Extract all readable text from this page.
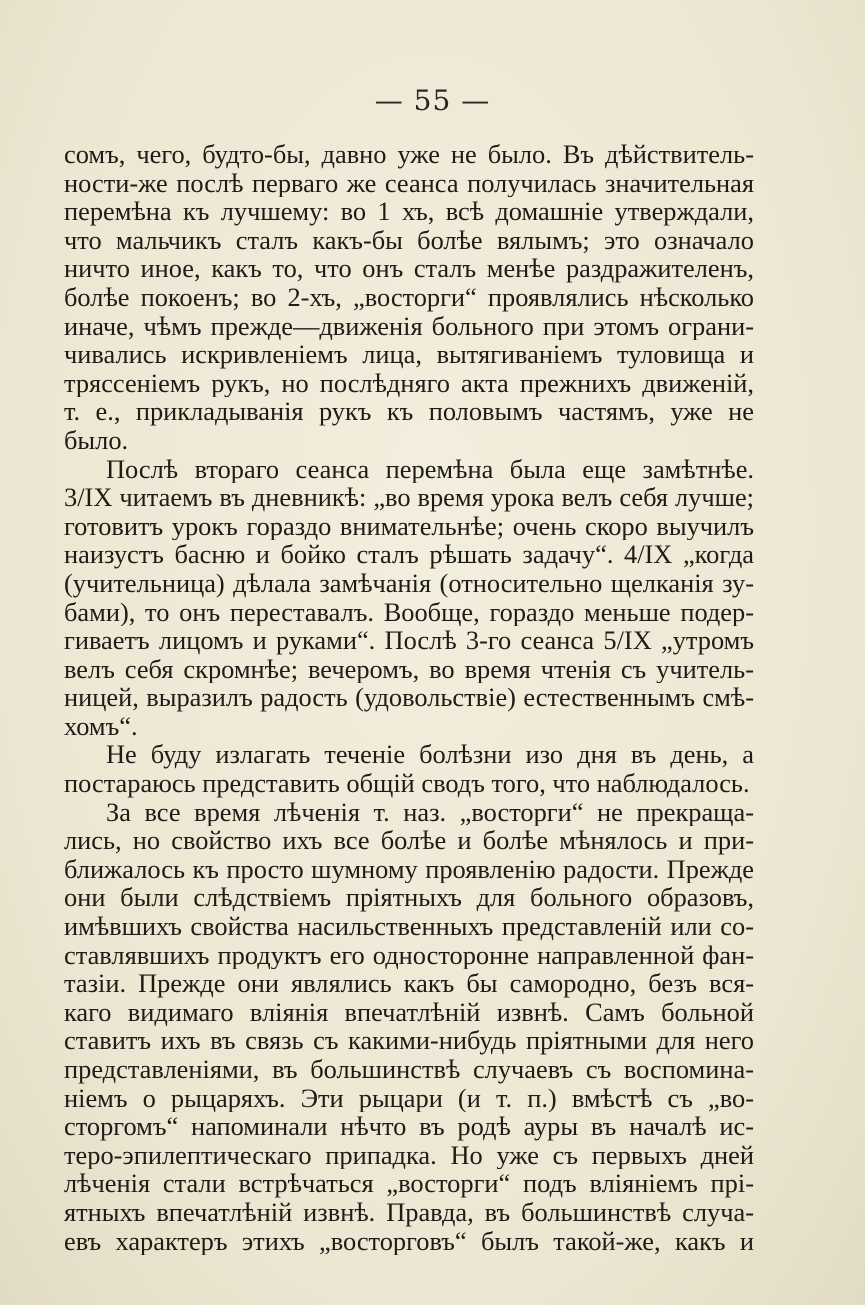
— 55 —
сомъ, чего, будто-бы, давно уже не было. Въ дѣйствитель-
ности-же послѣ перваго же сеанса получилась значительная
перемѣна къ лучшему: во 1 хъ, всѣ домашніе утверждали,
что мальчикъ сталъ какъ-бы болѣе вялымъ; это означало
ничто иное, какъ то, что онъ сталъ менѣе раздражителенъ,
болѣе покоенъ; во 2-хъ, „восторги“ проявлялись нѣсколько
иначе, чѣмъ прежде—движенія больного при этомъ ограни-
чивались искривленіемъ лица, вытягиваніемъ туловища и
тряссеніемъ рукъ, но послѣдняго акта прежнихъ движеній,
т. е., прикладыванія рукъ къ половымъ частямъ, уже не
было.
Послѣ втораго сеанса перемѣна была еще замѣтнѣе.
3/IX читаемъ въ дневникѣ: „во время урока велъ себя лучше;
готовитъ урокъ гораздо внимательнѣе; очень скоро выучилъ
наизустъ басню и бойко сталъ рѣшать задачу“. 4/IX „когда
(учительница) дѣлала замѣчанія (относительно щелканія зу-
бами), то онъ переставалъ. Вообще, гораздо меньше подер-
гиваетъ лицомъ и руками“. Послѣ 3-го сеанса 5/IX „утромъ
велъ себя скромнѣе; вечеромъ, во время чтенія съ учитель-
ницей, выразилъ радость (удовольствіе) естественнымъ смѣ-
хомъ“.
Не буду излагать теченіе болѣзни изо дня въ день, а
постараюсь представить общій сводъ того, что наблюдалось.
За все время лѣченія т. наз. „восторги“ не прекраща-
лись, но свойство ихъ все болѣе и болѣе мѣнялось и при-
ближалось къ просто шумному проявленію радости. Прежде
они были слѣдствіемъ пріятныхъ для больного образовъ,
имѣвшихъ свойства насильственныхъ представленій или со-
ставлявшихъ продуктъ его односторонне направленной фан-
тазіи. Прежде они являлись какъ бы самородно, безъ вся-
каго видимаго вліянія впечатлѣній извнѣ. Самъ больной
ставитъ ихъ въ связь съ какими-нибудь пріятными для него
представленіями, въ большинствѣ случаевъ съ воспомина-
ніемъ о рыцаряхъ. Эти рыцари (и т. п.) вмѣстѣ съ „во-
сторгомъ“ напоминали нѣчто въ родѣ ауры въ началѣ ис-
теро-эпилептическаго припадка. Но уже съ первыхъ дней
лѣченія стали встрѣчаться „восторги“ подъ вліяніемъ прі-
ятныхъ впечатлѣній извнѣ. Правда, въ большинствѣ случа-
евъ характеръ этихъ „восторговъ“ былъ такой-же, какъ и
